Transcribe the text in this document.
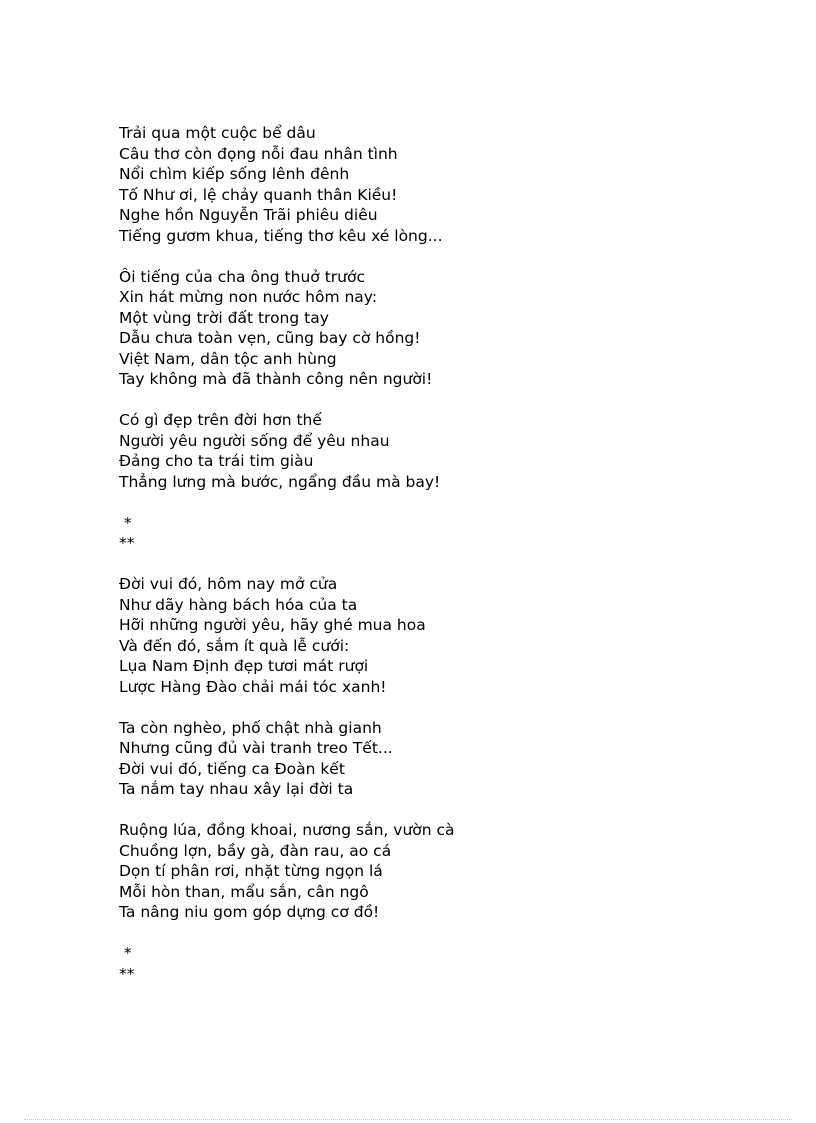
Trải qua một cuộc bể dâu
Câu thơ còn đọng nỗi đau nhân tình
Nổi chìm kiếp sống lênh đênh
Tố Như ơi, lệ chảy quanh thân Kiều!
Nghe hồn Nguyễn Trãi phiêu diêu
Tiếng gươm khua, tiếng thơ kêu xé lòng...
Ôi tiếng của cha ông thuở trước
Xin hát mừng non nước hôm nay:
Một vùng trời đất trong tay
Dẫu chưa toàn vẹn, cũng bay cờ hồng!
Việt Nam, dân tộc anh hùng
Tay không mà đã thành công nên người!
Có gì đẹp trên đời hơn thế
Người yêu người sống để yêu nhau
Đảng cho ta trái tim giàu
Thẳng lưng mà bước, ngẩng đầu mà bay!
*
**
Đời vui đó, hôm nay mở cửa
Như dãy hàng bách hóa của ta
Hỡi những người yêu, hãy ghé mua hoa
Và đến đó, sắm ít quà lễ cưới:
Lụa Nam Định đẹp tươi mát rượi
Lược Hàng Đào chải mái tóc xanh!
Ta còn nghèo, phố chật nhà gianh
Nhưng cũng đủ vài tranh treo Tết...
Đời vui đó, tiếng ca Đoàn kết
Ta nắm tay nhau xây lại đời ta
Ruộng lúa, đồng khoai, nương sắn, vườn cà
Chuồng lợn, bầy gà, đàn rau, ao cá
Dọn tí phân rơi, nhặt từng ngọn lá
Mỗi hòn than, mẩu sắn, cân ngô
Ta nâng niu gom góp dựng cơ đồ!
*
**
